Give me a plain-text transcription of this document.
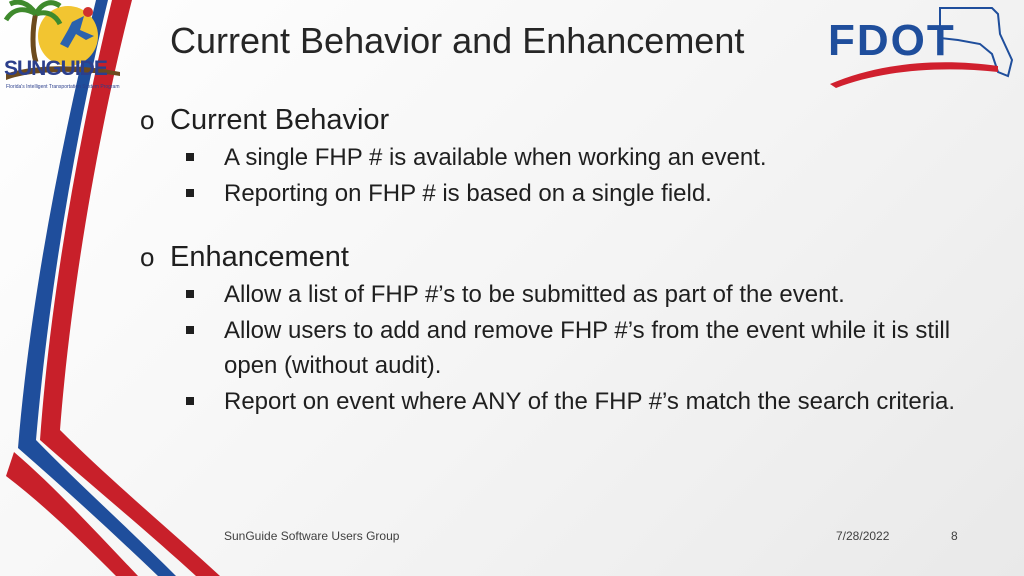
SUNGUIDE
Florida's Intelligent Transportation System Program
Current Behavior and Enhancement FDOT
o Current Behavior
A single FHP # is available when working an event.
Reporting on FHP # is based on a single field.
o Enhancement
Allow a list of FHP #’s to be submitted as part of the event.
Allow users to add and remove FHP #’s from the event while it is still open (without audit).
Report on event where ANY of the FHP #’s match the search criteria.
SunGuide Software Users Group	7/28/2022	8
